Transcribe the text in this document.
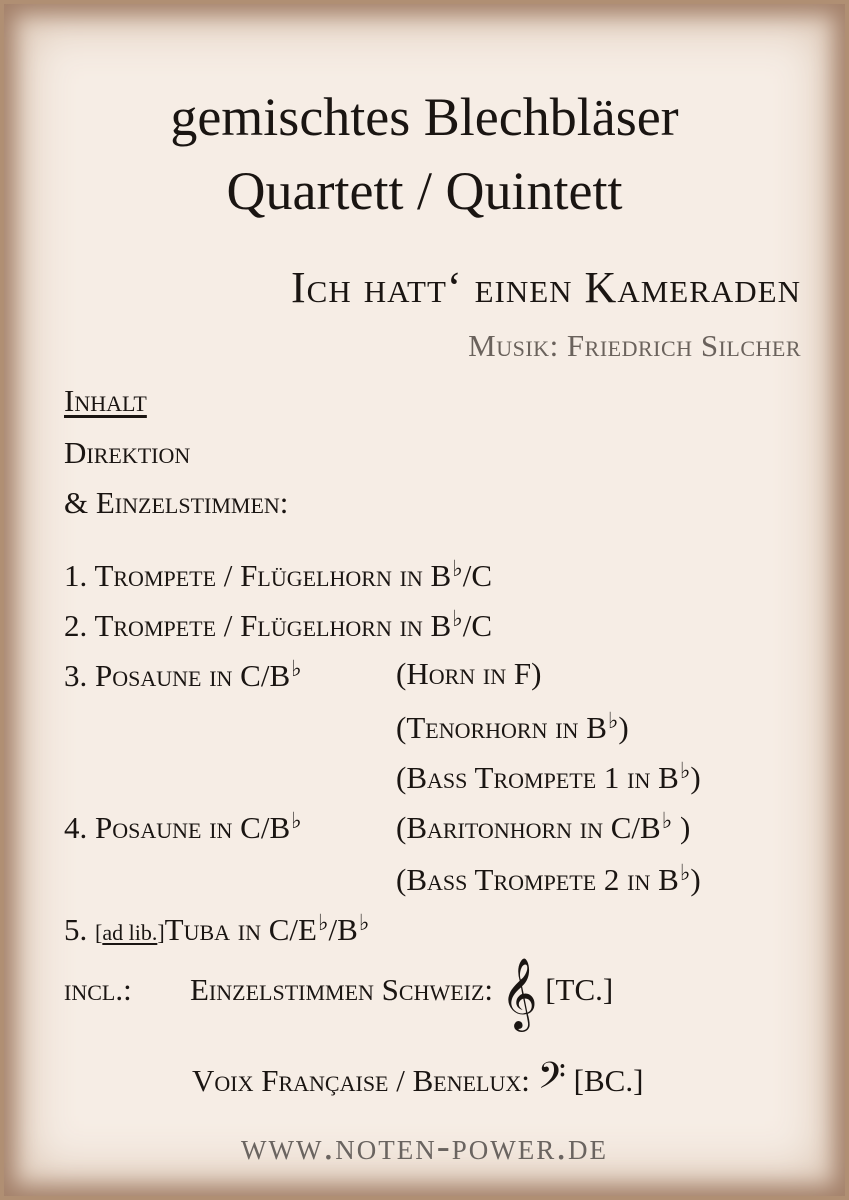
gemischtes Blechbläser
Quartett / Quintett
Ich hatt‘ einen Kameraden
Musik: Friedrich Silcher
Inhalt
Direktion
& Einzelstimmen:
1. Trompete / Flügelhorn in B♭/C
2. Trompete / Flügelhorn in B♭/C
3. Posaune in C/B♭	(Horn in F)
(Tenorhorn in B♭)
(Bass Trompete 1 in B♭)
4. Posaune in C/B♭	(Baritonhorn in C/B♭ )
(Bass Trompete 2 in B♭)
5. [ad lib.]Tuba in C/E♭/B♭
incl.: Einzelstimmen Schweiz: 𝄞 [TC.]
Voix Française / Benelux: 𝄢 [BC.]
www.noten-power.de
